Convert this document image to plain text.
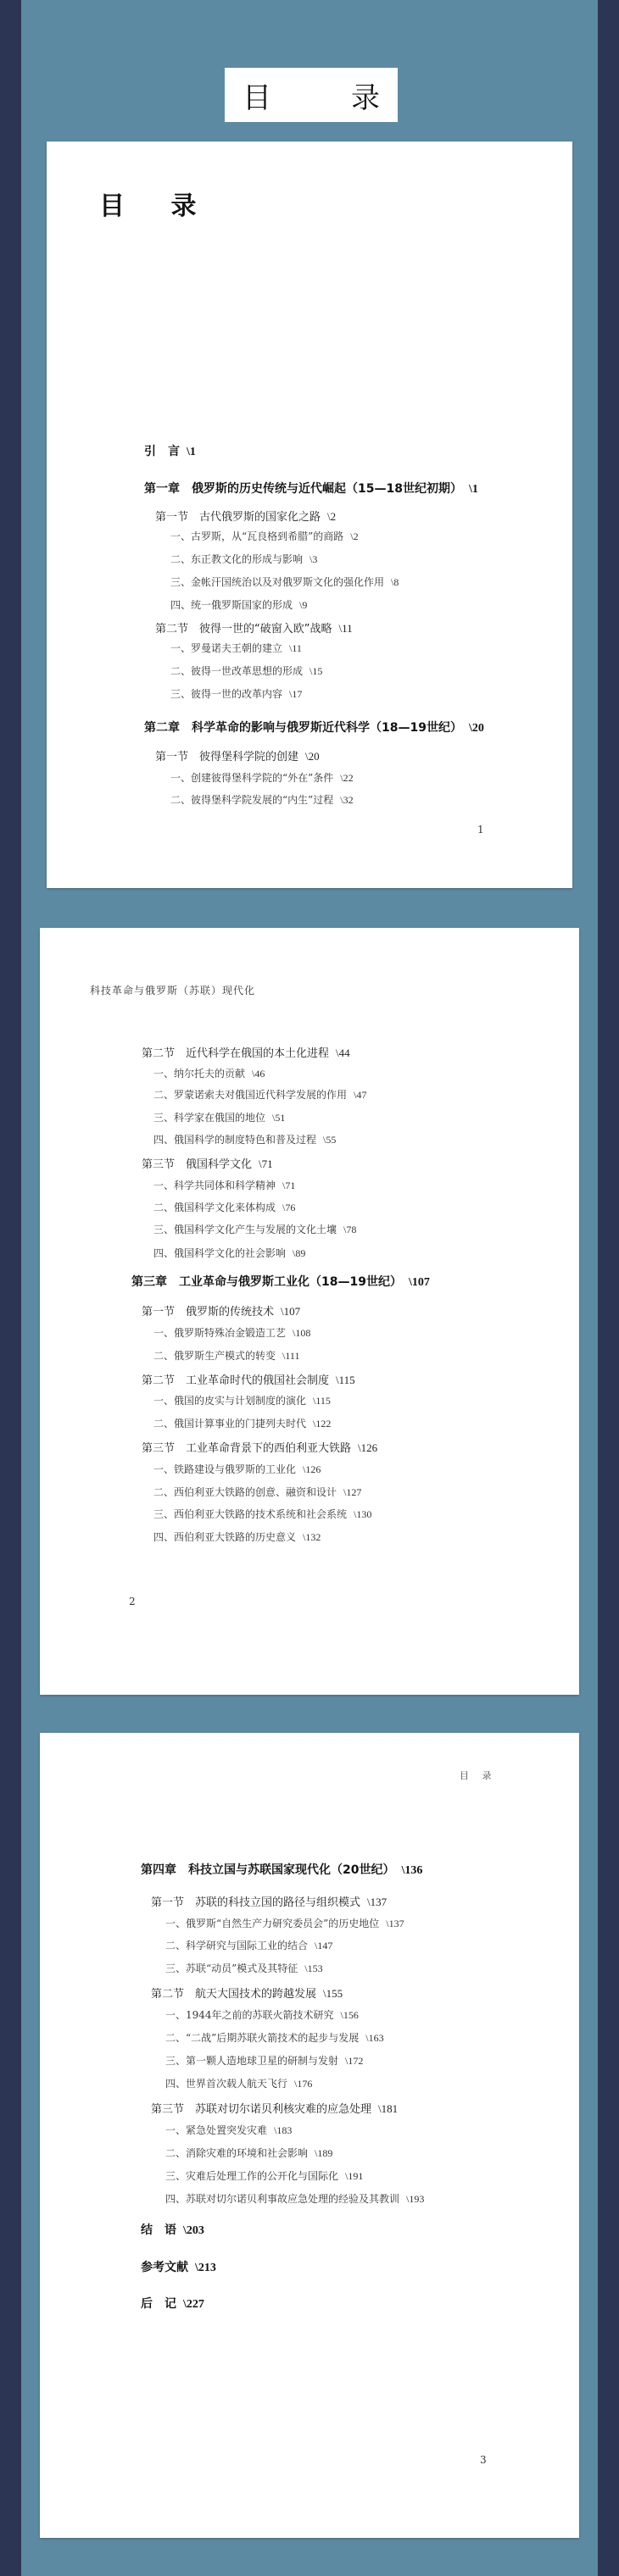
目　录
目 录
1
科技革命与俄罗斯（苏联）现代化
2
目 录
3
引　言 \1
第一章　俄罗斯的历史传统与近代崛起（15—18世纪初期） \1
第一节　古代俄罗斯的国家化之路 \2
一、古罗斯，从“瓦良格到希腊”的商路 \2
二、东正教文化的形成与影响 \3
三、金帐汗国统治以及对俄罗斯文化的强化作用 \8
四、统一俄罗斯国家的形成 \9
第二节　彼得一世的“破窗入欧”战略 \11
一、罗曼诺夫王朝的建立 \11
二、彼得一世改革思想的形成 \15
三、彼得一世的改革内容 \17
第二章　科学革命的影响与俄罗斯近代科学（18—19世纪） \20
第一节　彼得堡科学院的创建 \20
一、创建彼得堡科学院的“外在”条件 \22
二、彼得堡科学院发展的“内生”过程 \32
第二节　近代科学在俄国的本土化进程 \44
一、纳尔托夫的贡献 \46
二、罗蒙诺索夫对俄国近代科学发展的作用 \47
三、科学家在俄国的地位 \51
四、俄国科学的制度特色和普及过程 \55
第三节　俄国科学文化 \71
一、科学共同体和科学精神 \71
二、俄国科学文化来体构成 \76
三、俄国科学文化产生与发展的文化土壤 \78
四、俄国科学文化的社会影响 \89
第三章　工业革命与俄罗斯工业化（18—19世纪） \107
第一节　俄罗斯的传统技术 \107
一、俄罗斯特殊冶金锻造工艺 \108
二、俄罗斯生产模式的转变 \111
第二节　工业革命时代的俄国社会制度 \115
一、俄国的皮实与计划制度的演化 \115
二、俄国计算事业的门捷列夫时代 \122
第三节　工业革命背景下的西伯利亚大铁路 \126
一、铁路建设与俄罗斯的工业化 \126
二、西伯利亚大铁路的创意、融资和设计 \127
三、西伯利亚大铁路的技术系统和社会系统 \130
四、西伯利亚大铁路的历史意义 \132
第四章　科技立国与苏联国家现代化（20世纪） \136
第一节　苏联的科技立国的路径与组织模式 \137
一、俄罗斯“自然生产力研究委员会”的历史地位 \137
二、科学研究与国际工业的结合 \147
三、苏联“动员”模式及其特征 \153
第二节　航天大国技术的跨越发展 \155
一、1944年之前的苏联火箭技术研究 \156
二、“二战”后期苏联火箭技术的起步与发展 \163
三、第一颗人造地球卫星的研制与发射 \172
四、世界首次载人航天飞行 \176
第三节　苏联对切尔诺贝利核灾难的应急处理 \181
一、紧急处置突发灾难 \183
二、消除灾难的环境和社会影响 \189
三、灾难后处理工作的公开化与国际化 \191
四、苏联对切尔诺贝利事故应急处理的经验及其教训 \193
结　语 \203
参考文献 \213
后　记 \227
